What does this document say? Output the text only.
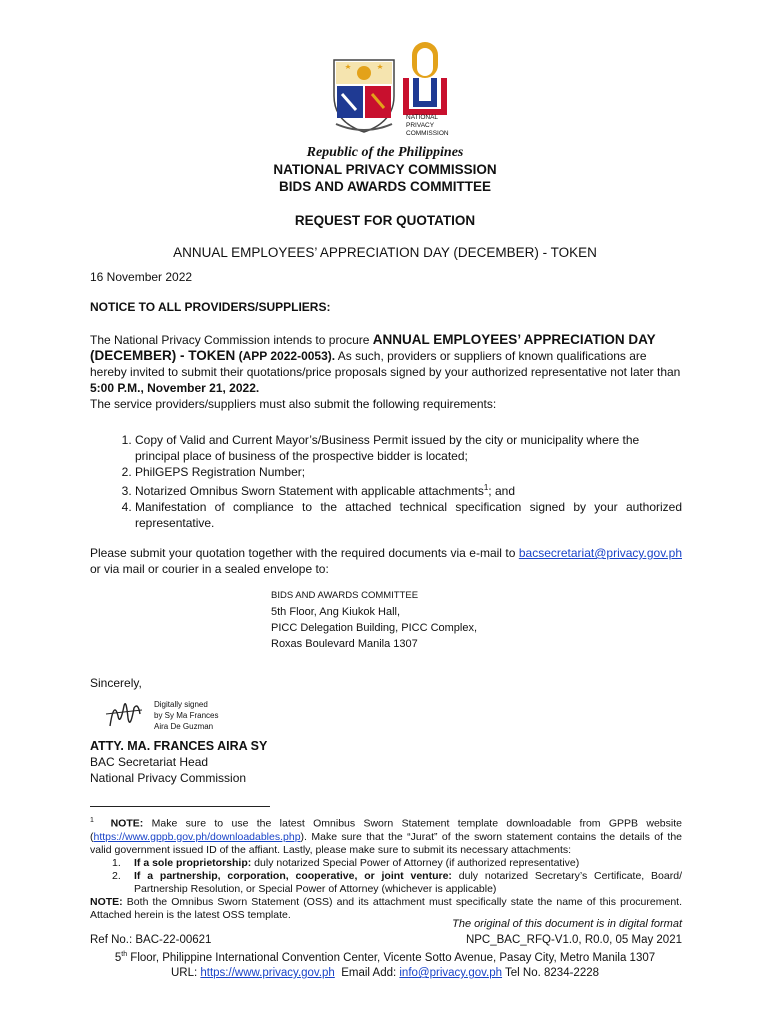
NATIONAL
PRIVACY
COMMISSION
Republic of the Philippines
NATIONAL PRIVACY COMMISSION
BIDS AND AWARDS COMMITTEE
REQUEST FOR QUOTATION
ANNUAL EMPLOYEES’ APPRECIATION DAY (DECEMBER) - TOKEN
16 November 2022
NOTICE TO ALL PROVIDERS/SUPPLIERS:
The National Privacy Commission intends to procure ANNUAL EMPLOYEES’ APPRECIATION DAY (DECEMBER) - TOKEN (APP 2022-0053). As such, providers or suppliers of known qualifications are hereby invited to submit their quotations/price proposals signed by your authorized representative not later than 5:00 P.M., November 21, 2022.
The service providers/suppliers must also submit the following requirements:
1. Copy of Valid and Current Mayor’s/Business Permit issued by the city or municipality where the principal place of business of the prospective bidder is located;
2. PhilGEPS Registration Number;
3. Notarized Omnibus Sworn Statement with applicable attachments$^1$; and
4. Manifestation of compliance to the attached technical specification signed by your authorized representative.
Please submit your quotation together with the required documents via e-mail to bacsecretariat@privacy.gov.ph or via mail or courier in a sealed envelope to:
BIDS AND AWARDS COMMITTEE
5th Floor, Ang Kiukok Hall,
PICC Delegation Building, PICC Complex,
Roxas Boulevard Manila 1307
Sincerely,
Digitally signed
by Sy Ma Frances
Aira De Guzman
ATTY. MA. FRANCES AIRA SY
BAC Secretariat Head
National Privacy Commission
$^1$ NOTE: Make sure to use the latest Omnibus Sworn Statement template downloadable from GPPB website (https://www.gppb.gov.ph/downloadables.php). Make sure that the “Jurat” of the sworn statement contains the details of the valid government issued ID of the affiant. Lastly, please make sure to submit its necessary attachments:
1.	If a sole proprietorship: duly notarized Special Power of Attorney (if authorized representative)
2.	If a partnership, corporation, cooperative, or joint venture: duly notarized Secretary’s Certificate, Board/ Partnership Resolution, or Special Power of Attorney (whichever is applicable)
NOTE: Both the Omnibus Sworn Statement (OSS) and its attachment must specifically state the name of this procurement. Attached herein is the latest OSS template.
The original of this document is in digital format
Ref No.: BAC-22-00621	NPC_BAC_RFQ-V1.0, R0.0, 05 May 2021
5th Floor, Philippine International Convention Center, Vicente Sotto Avenue, Pasay City, Metro Manila 1307
URL: https://www.privacy.gov.ph  Email Add: info@privacy.gov.ph Tel No. 8234-2228
